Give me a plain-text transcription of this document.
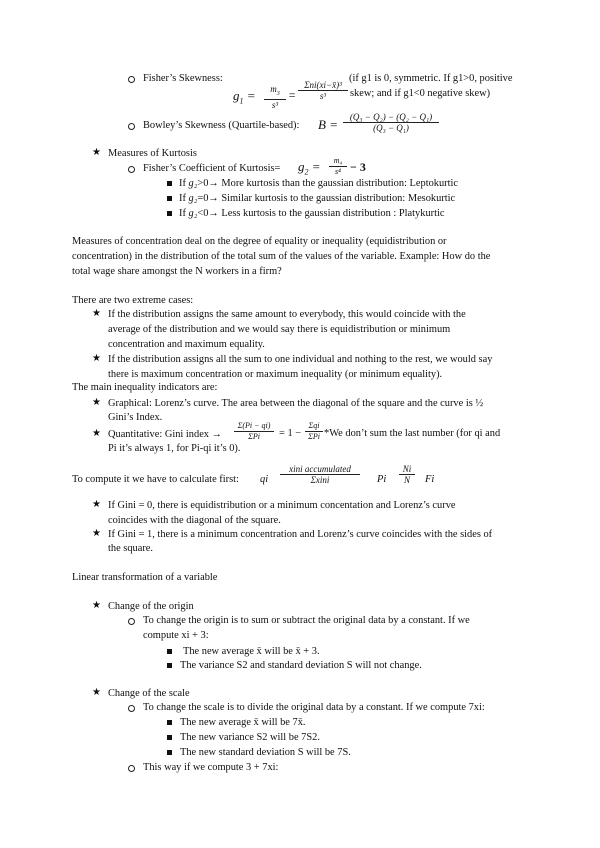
Fisher’s Skewness:
$g_1 = \frac{m_3}{\text{s³}}$ =
Σni(xi−x̄)³
s³
(if g1 is 0, symmetric. If g1>0, positive
skew; and if g1<0 negative skew)
Bowley’s Skewness (Quartile-based): $B = \frac{\text{(Q₃ − Q₂) − (Q₂ − Q₁)}}{\text{(Q₃ − Q₁)}}$
★ Measures of Kurtosis
Fisher’s Coefficient of Kurtosis= $g_2 = \frac{\text{m₄}}{\text{s⁴}} - 3$
If g₂>0→ More kurtosis than the gaussian distribution: Leptokurtic
If g₂=0→ Similar kurtosis to the gaussian distribution: Mesokurtic
If g₂<0→ Less kurtosis to the gaussian distribution : Platykurtic
Measures of concentration deal on the degree of equality or inequality (equidistribution or
concentration) in the distribution of the total sum of the values of the variable. Example: How do the
total wage share amongst the N workers in a firm?
There are two extreme cases:
★ If the distribution assigns the same amount to everybody, this would coincide with the
average of the distribution and we would say there is equidistribution or minimum
concentration and maximum equality.
★ If the distribution assigns all the sum to one individual and nothing to the rest, we would say
there is maximum concentration or maximum inequality (or minimum equality).
The main inequality indicators are:
★ Graphical: Lorenz’s curve. The area between the diagonal of the square and the curve is ½
Gini’s Index.
★ Quantitative: Gini index →
Σ(Pi − qi)
ΣPi	= 1 −
Σqi
ΣPi *We don’t sum the last number (for qi and
Pi it’s always 1, for Pi-qi it’s 0).
To compute it we have to calculate first: qi
xini accumulated
Σxini	Pi $\frac{Ni}{N}$ Fi
★ If Gini = 0, there is equidistribution or a minimum concentation and Lorenz’s curve
coincides with the diagonal of the square.
★ If Gini = 1, there is a minimum concentration and Lorenz’s curve coincides with the sides of
the square.
Linear transformation of a variable
★ Change of the origin
To change the origin is to sum or subtract the original data by a constant. If we
compute xi + 3:
The new average x̄ will be x̄ + 3.
The variance S2 and standard deviation S will not change.
★ Change of the scale
To change the scale is to divide the original data by a constant. If we compute 7xi:
The new average x̄ will be 7x̄.
The new variance S2 will be 7S2.
The new standard deviation S will be 7S.
This way if we compute 3 + 7xi:
